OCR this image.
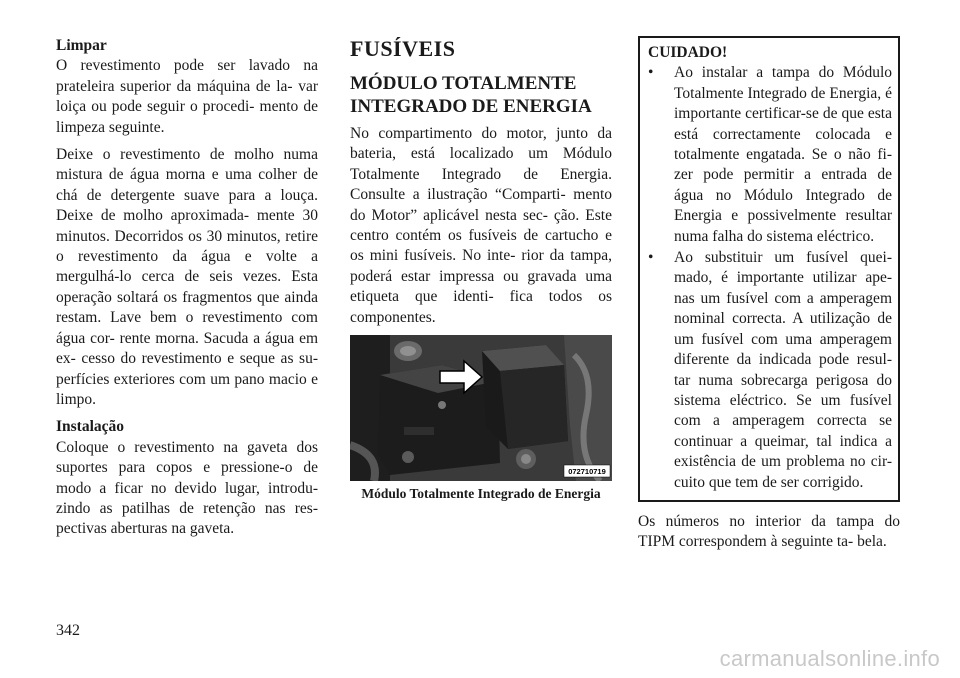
Limpar

O revestimento pode ser lavado na prateleira superior da máquina de la- var loiça ou pode seguir o procedi- mento de limpeza seguinte.

Deixe o revestimento de molho numa mistura de água morna e uma colher de chá de detergente suave para a louça. Deixe de molho aproximada- mente 30 minutos. Decorridos os 30 minutos, retire o revestimento da água e volte a mergulhá-lo cerca de seis vezes. Esta operação soltará os fragmentos que ainda restam. Lave bem o revestimento com água cor- rente morna. Sacuda a água em ex- cesso do revestimento e seque as su- perfícies exteriores com um pano macio e limpo.

Instalação

Coloque o revestimento na gaveta dos suportes para copos e pressione-o de modo a ficar no devido lugar, introdu- zindo as patilhas de retenção nas res- pectivas aberturas na gaveta.

FUSÍVEIS
MÓDULO TOTALMENTE INTEGRADO DE ENERGIA

No compartimento do motor, junto da bateria, está localizado um Módulo Totalmente Integrado de Energia. Consulte a ilustração “Comparti- mento do Motor” aplicável nesta sec- ção. Este centro contém os fusíveis de cartucho e os mini fusíveis. No inte- rior da tampa, poderá estar impressa ou gravada uma etiqueta que identi- fica todos os componentes.

072710719
Módulo Totalmente Integrado de Energia
CUIDADO!
• Ao instalar a tampa do Módulo Totalmente Integrado de Energia, é importante certificar-se de que esta está correctamente colocada e totalmente engatada. Se o não fi- zer pode permitir a entrada de água no Módulo Integrado de Energia e possivelmente resultar numa falha do sistema eléctrico.
• Ao substituir um fusível quei- mado, é importante utilizar ape- nas um fusível com a amperagem nominal correcta. A utilização de um fusível com uma amperagem diferente da indicada pode resul- tar numa sobrecarga perigosa do sistema eléctrico. Se um fusível com a amperagem correcta se continuar a queimar, tal indica a existência de um problema no cir- cuito que tem de ser corrigido.

Os números no interior da tampa do TIPM correspondem à seguinte ta- bela.

342
carmanualsonline.info
